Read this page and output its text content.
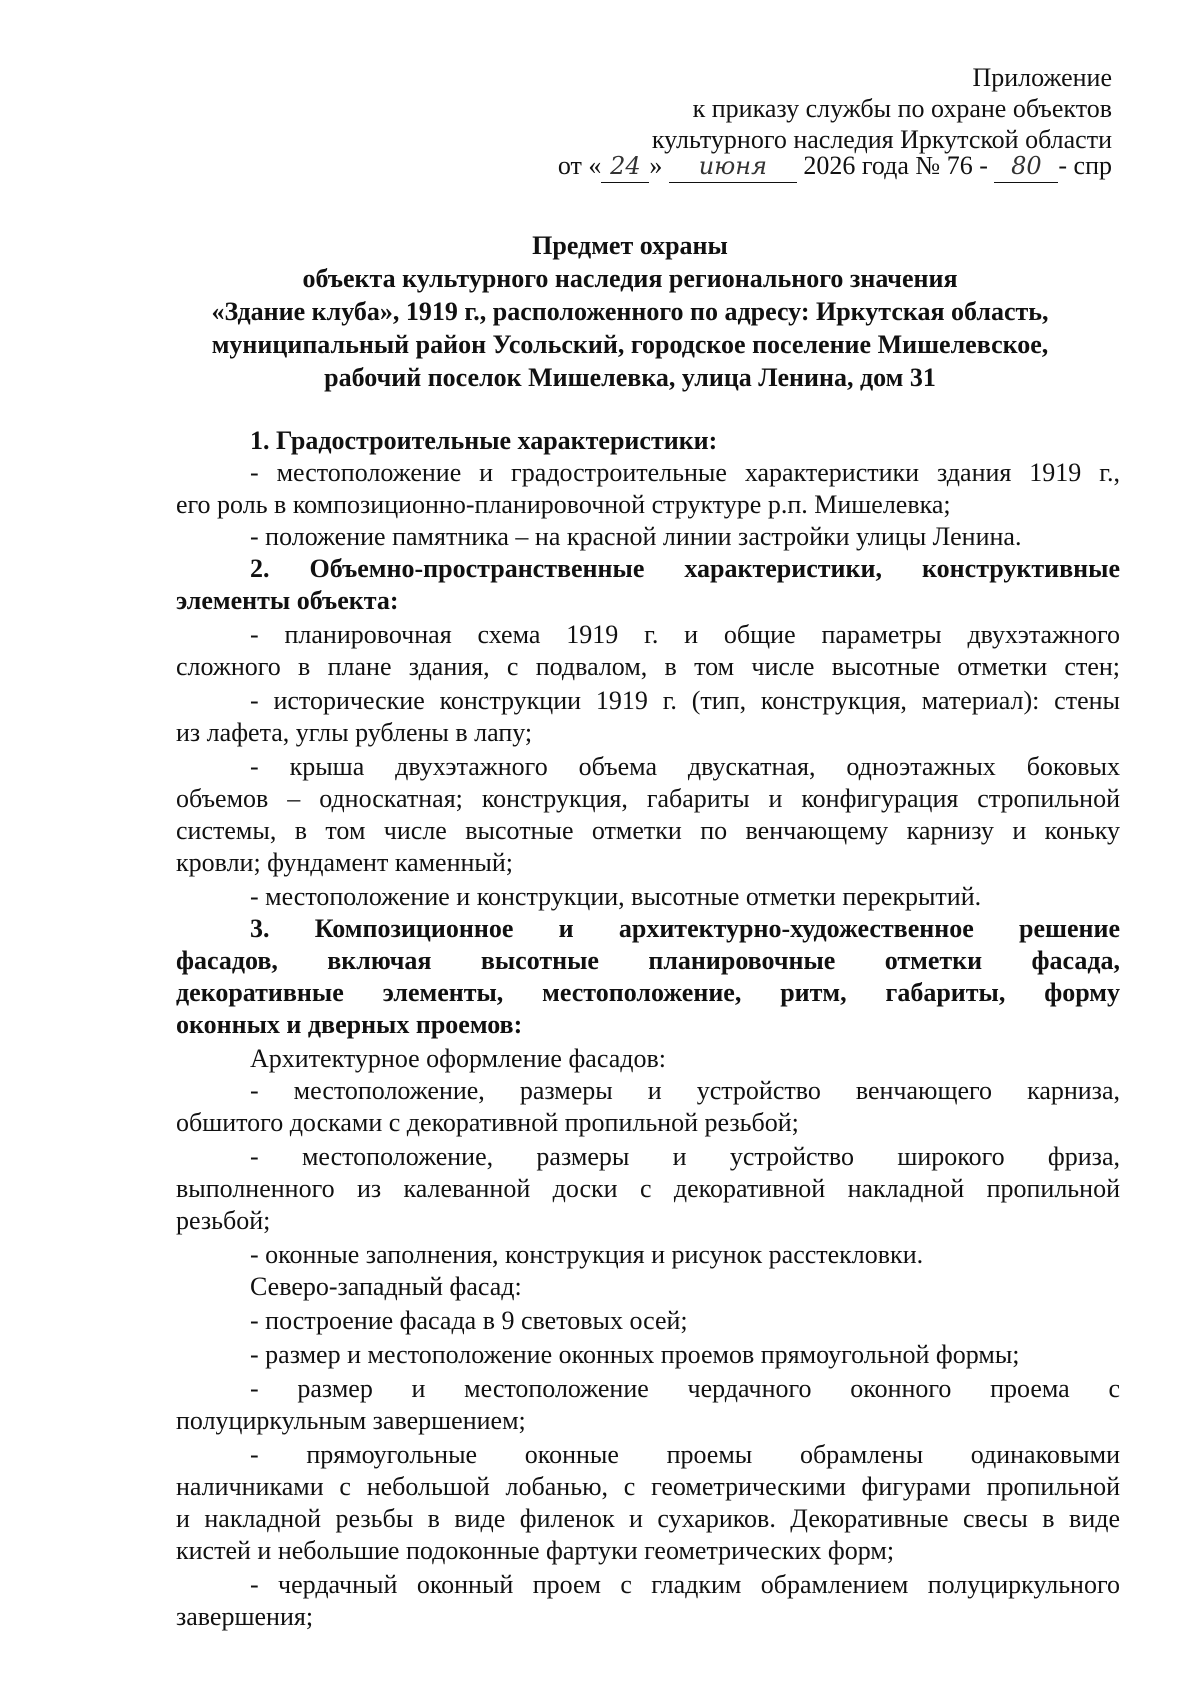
Приложение
к приказу службы по охране объектов
культурного наследия Иркутской области
от « 24 » июня 2026 года № 76 - 80 - спр
Предмет охраны
объекта культурного наследия регионального значения
«Здание клуба», 1919 г., расположенного по адресу: Иркутская область,
муниципальный район Усольский, городское поселение Мишелевское,
рабочий поселок Мишелевка, улица Ленина, дом 31
1. Градостроительные характеристики:
- местоположение и градостроительные характеристики здания 1919 г.,
его роль в композиционно-планировочной структуре р.п. Мишелевка;
- положение памятника – на красной линии застройки улицы Ленина.
2. Объемно-пространственные характеристики, конструктивные
элементы объекта:
- планировочная схема 1919 г. и общие параметры двухэтажного
сложного в плане здания, с подвалом, в том числе высотные отметки стен;
- исторические конструкции 1919 г. (тип, конструкция, материал): стены
из лафета, углы рублены в лапу;
- крыша двухэтажного объема двускатная, одноэтажных боковых
объемов – односкатная; конструкция, габариты и конфигурация стропильной
системы, в том числе высотные отметки по венчающему карнизу и коньку
кровли; фундамент каменный;
- местоположение и конструкции, высотные отметки перекрытий.
3. Композиционное и архитектурно-художественное решение
фасадов, включая высотные планировочные отметки фасада,
декоративные элементы, местоположение, ритм, габариты, форму
оконных и дверных проемов:
Архитектурное оформление фасадов:
- местоположение, размеры и устройство венчающего карниза,
обшитого досками с декоративной пропильной резьбой;
- местоположение, размеры и устройство широкого фриза,
выполненного из калеванной доски с декоративной накладной пропильной
резьбой;
- оконные заполнения, конструкция и рисунок расстекловки.
Северо-западный фасад:
- построение фасада в 9 световых осей;
- размер и местоположение оконных проемов прямоугольной формы;
- размер и местоположение чердачного оконного проема с
полуциркульным завершением;
- прямоугольные оконные проемы обрамлены одинаковыми
наличниками с небольшой лобанью, с геометрическими фигурами пропильной
и накладной резьбы в виде филенок и сухариков. Декоративные свесы в виде
кистей и небольшие подоконные фартуки геометрических форм;
- чердачный оконный проем с гладким обрамлением полуциркульного
завершения;
